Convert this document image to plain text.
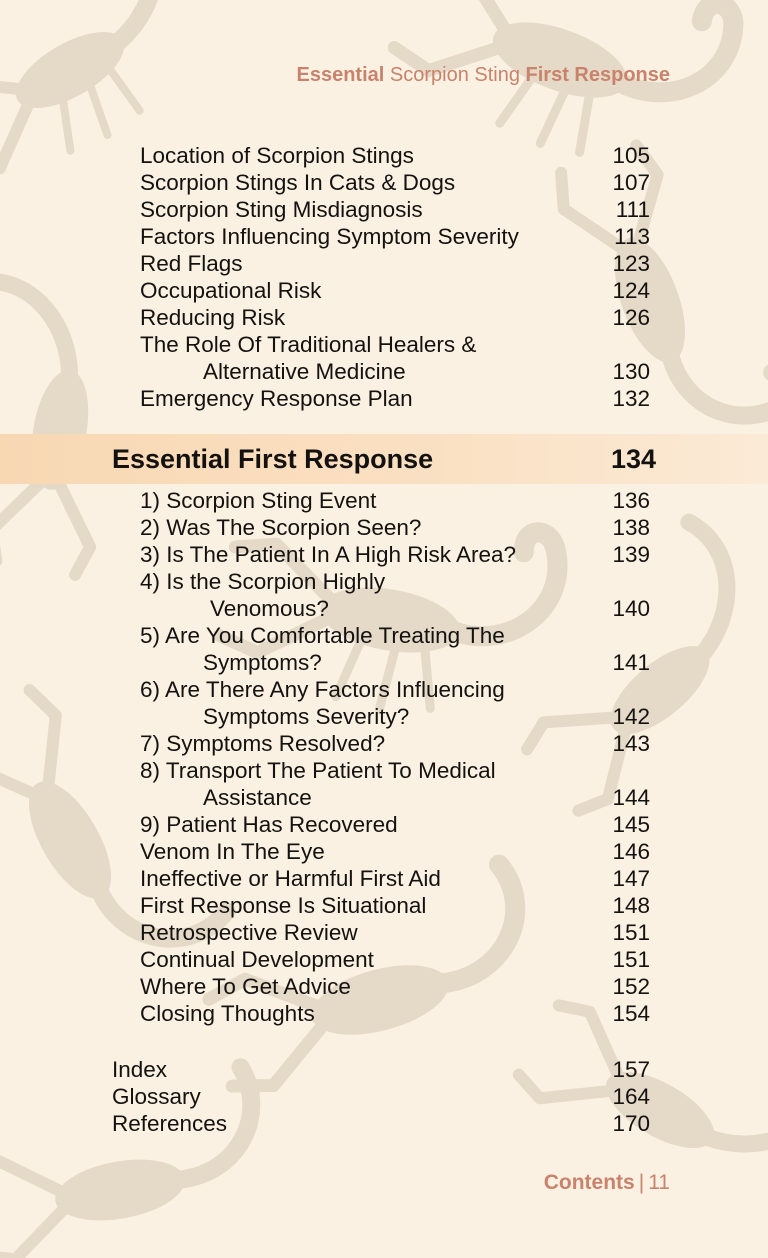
Essential Scorpion Sting First Response
Location of Scorpion Stings	105
Scorpion Stings In Cats & Dogs	107
Scorpion Sting Misdiagnosis	111
Factors Influencing Symptom Severity	113
Red Flags	123
Occupational Risk	124
Reducing Risk	126
The Role Of Traditional Healers &
Alternative Medicine	130
Emergency Response Plan	132
Essential First Response	134
1) Scorpion Sting Event	136
2) Was The Scorpion Seen?	138
3) Is The Patient In A High Risk Area?	139
4) Is the Scorpion Highly
Venomous?	140
5) Are You Comfortable Treating The
Symptoms?	141
6) Are There Any Factors Influencing
Symptoms Severity?	142
7) Symptoms Resolved?	143
8) Transport The Patient To Medical
Assistance	144
9) Patient Has Recovered	145
Venom In The Eye	146
Ineffective or Harmful First Aid	147
First Response Is Situational	148
Retrospective Review	151
Continual Development	151
Where To Get Advice	152
Closing Thoughts	154
Index	157
Glossary	164
References	170
Contents | 11
